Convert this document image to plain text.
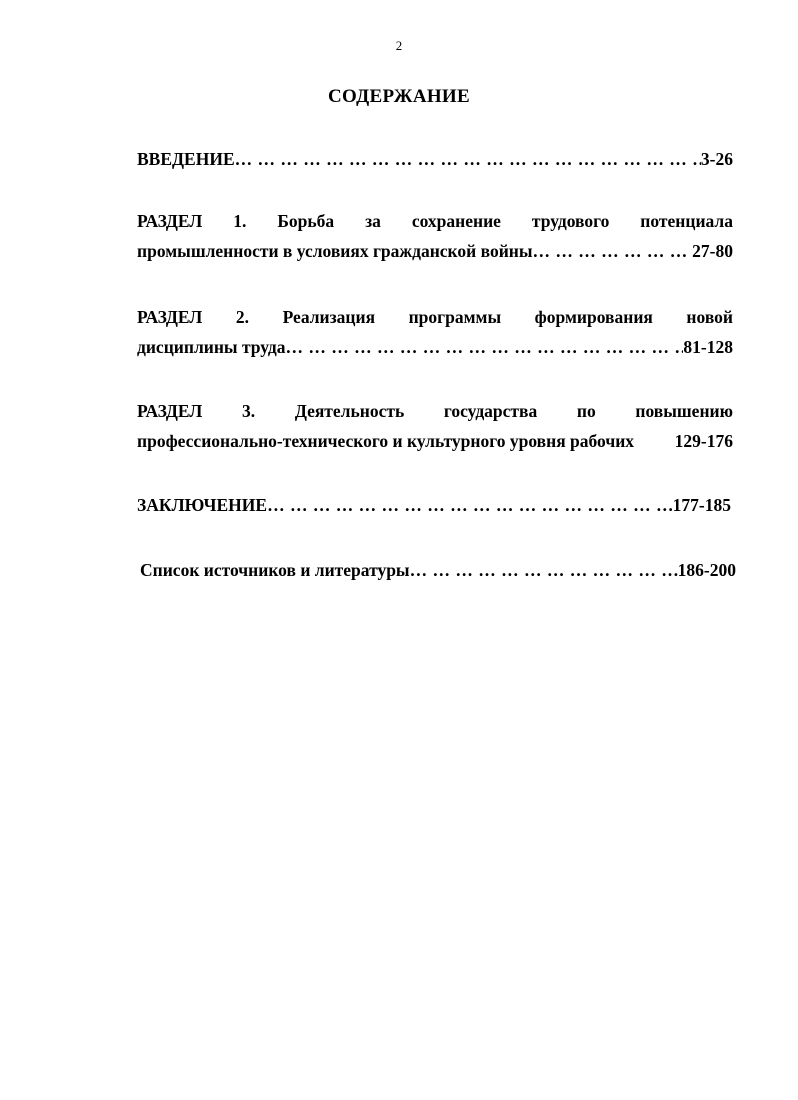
2
СОДЕРЖАНИЕ
ВВЕДЕНИЕ … … … … … … … … … … … … … … … … … … … … … … … … … … … … … … … … … … … … … … … … … … … …	3-26
РАЗДЕЛ 1. Борьба за сохранение трудового потенциала
промышленности в условиях гражданской войны … … … … … … … … … … … … … … … … … … … … … … … … … … … … … … … … … … … … … … … … … … … …	27-80
РАЗДЕЛ 2. Реализация программы формирования новой
дисциплины труда … … … … … … … … … … … … … … … … … … … … … … … … … … … … … … … … … … … … … … … … … … … …	81-128
РАЗДЕЛ 3. Деятельность государства по повышению
профессионально-технического и культурного уровня рабочих 129-176
ЗАКЛЮЧЕНИЕ … … … … … … … … … … … … … … … … … … … … … … … … … … … … … … … … … … … … … … … … … … … …	177-185
Список источников и литературы … … … … … … … … … … … … … … … … … … … … … … … … … … … … … … … … … … … … … … … … … … … …	186-200
